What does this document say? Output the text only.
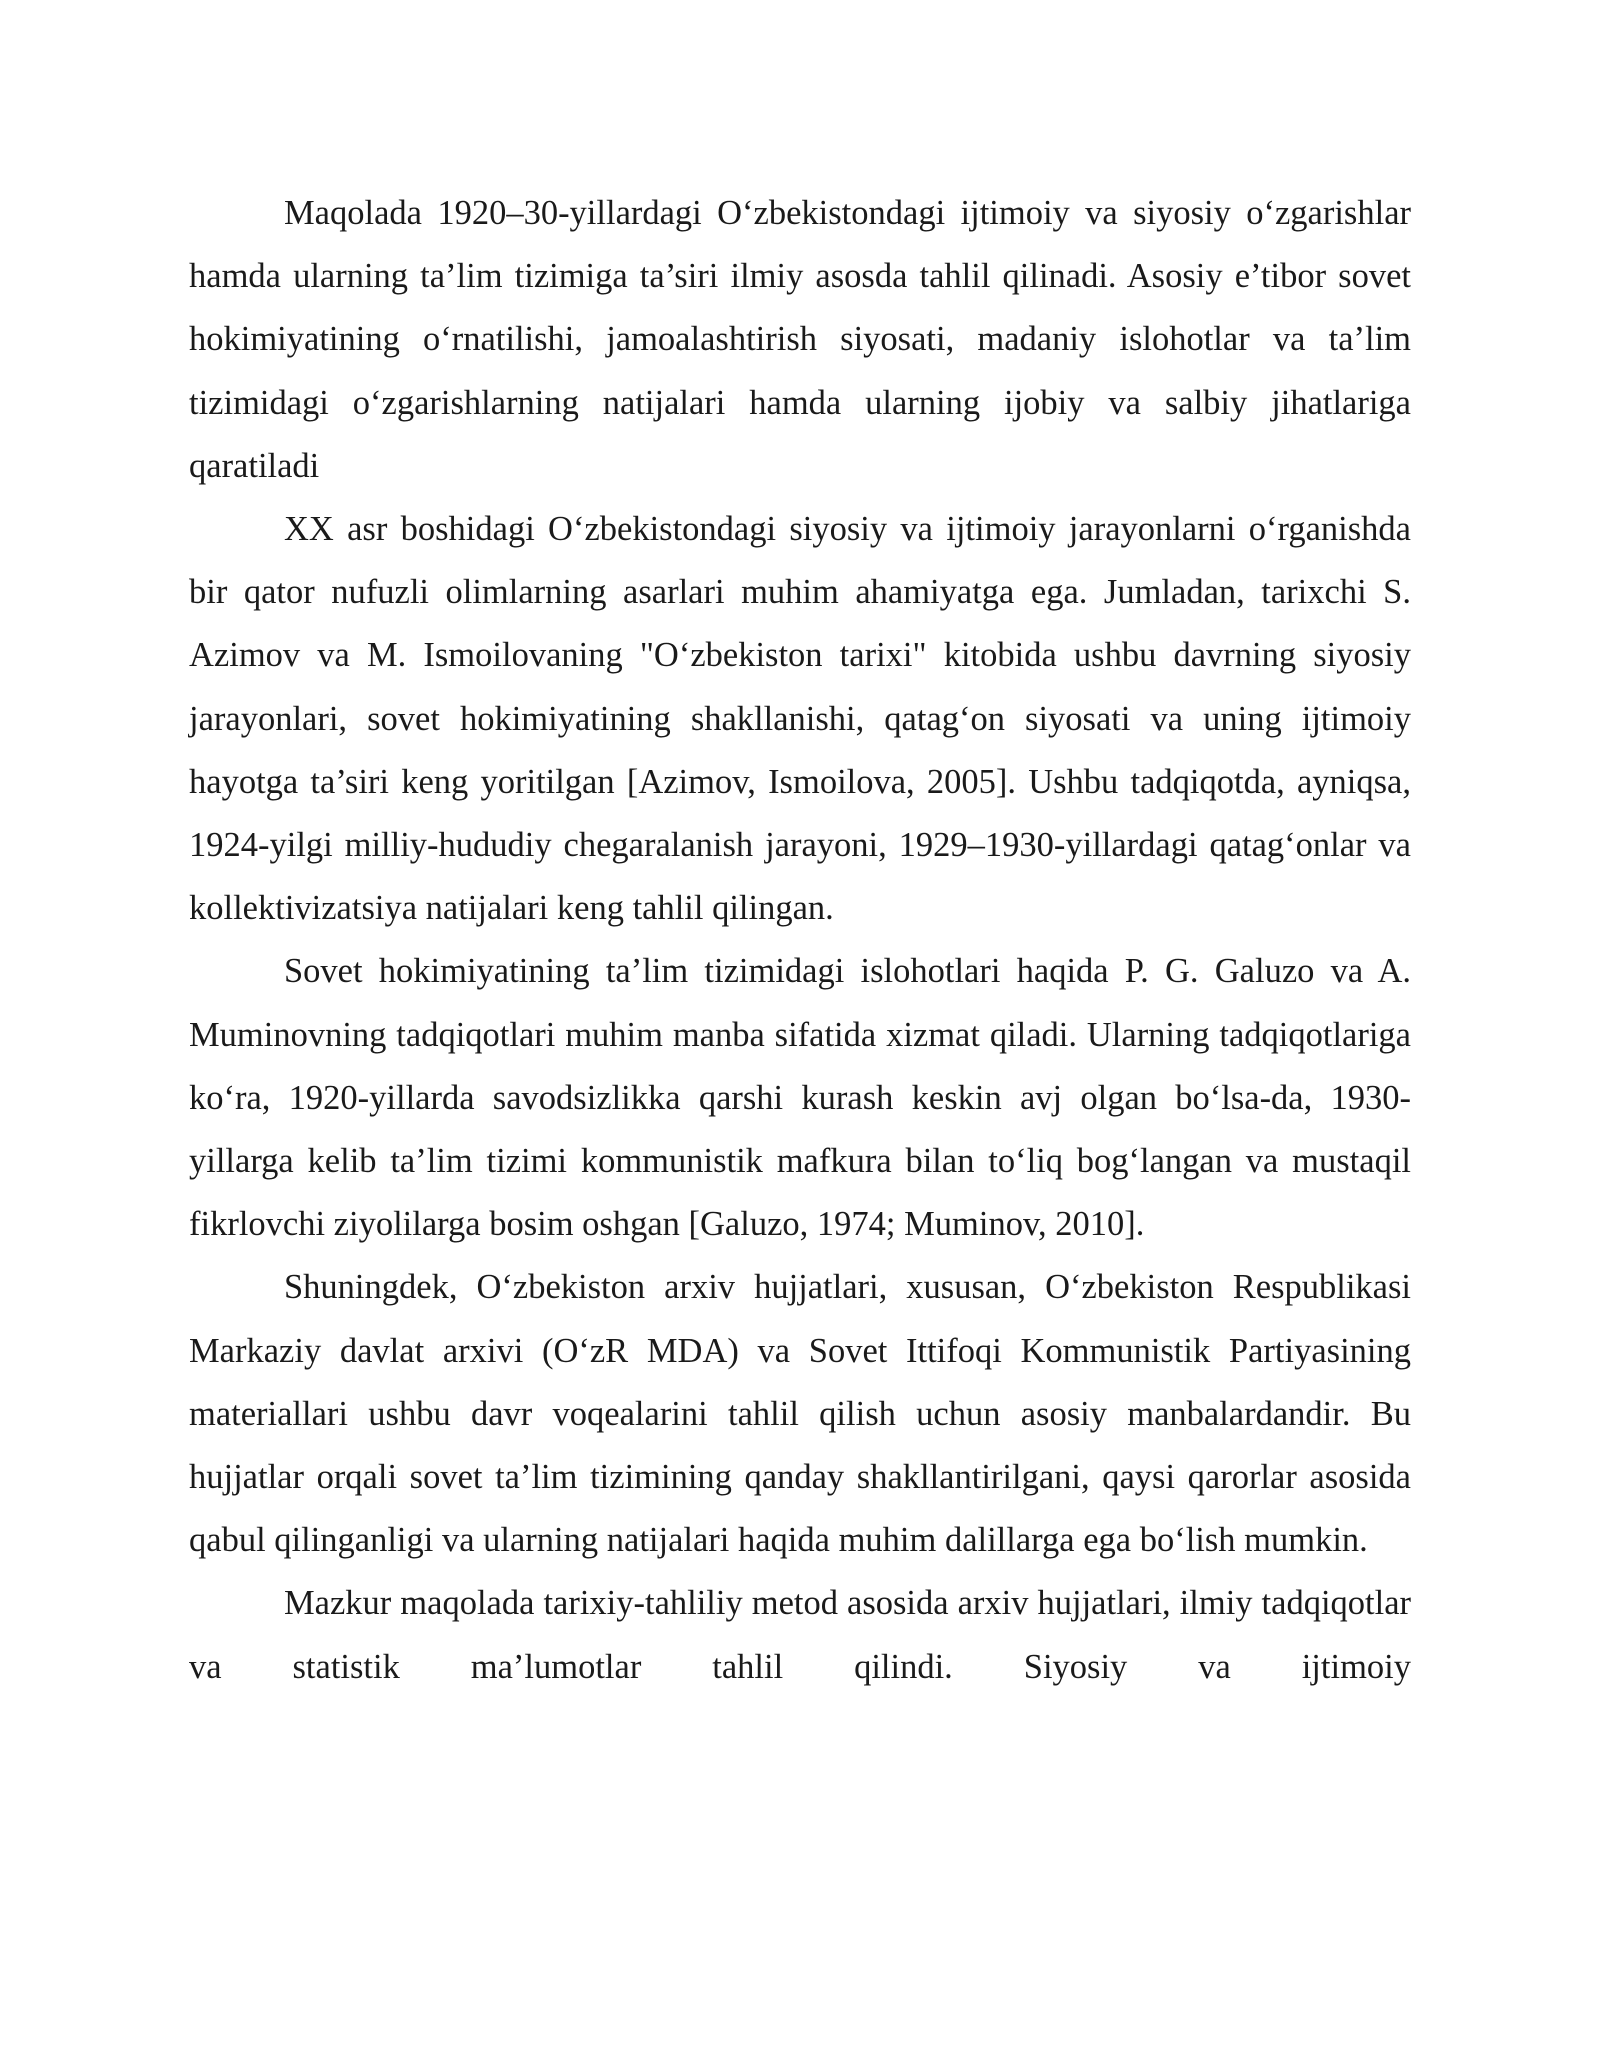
Maqolada 1920–30-yillardagi O‘zbekistondagi ijtimoiy va siyosiy o‘zgarishlar hamda ularning ta’lim tizimiga ta’siri ilmiy asosda tahlil qilinadi. Asosiy e’tibor sovet hokimiyatining o‘rnatilishi, jamoalashtirish siyosati, madaniy islohotlar va ta’lim tizimidagi o‘zgarishlarning natijalari hamda ularning ijobiy va salbiy jihatlariga qaratiladi

XX asr boshidagi O‘zbekistondagi siyosiy va ijtimoiy jarayonlarni o‘rganishda bir qator nufuzli olimlarning asarlari muhim ahamiyatga ega. Jumladan, tarixchi S. Azimov va M. Ismoilovaning "O‘zbekiston tarixi" kitobida ushbu davrning siyosiy jarayonlari, sovet hokimiyatining shakllanishi, qatag‘on siyosati va uning ijtimoiy hayotga ta’siri keng yoritilgan [Azimov, Ismoilova, 2005]. Ushbu tadqiqotda, ayniqsa, 1924-yilgi milliy-hududiy chegaralanish jarayoni, 1929–1930-yillardagi qatag‘onlar va kollektivizatsiya natijalari keng tahlil qilingan.

Sovet hokimiyatining ta’lim tizimidagi islohotlari haqida P. G. Galuzo va A. Muminovning tadqiqotlari muhim manba sifatida xizmat qiladi. Ularning tadqiqotlariga ko‘ra, 1920-yillarda savodsizlikka qarshi kurash keskin avj olgan bo‘lsa-da, 1930-yillarga kelib ta’lim tizimi kommunistik mafkura bilan to‘liq bog‘langan va mustaqil fikrlovchi ziyolilarga bosim oshgan [Galuzo, 1974; Muminov, 2010].

Shuningdek, O‘zbekiston arxiv hujjatlari, xususan, O‘zbekiston Respublikasi Markaziy davlat arxivi (O‘zR MDA) va Sovet Ittifoqi Kommunistik Partiyasining materiallari ushbu davr voqealarini tahlil qilish uchun asosiy manbalardandir. Bu hujjatlar orqali sovet ta’lim tizimining qanday shakllantirilgani, qaysi qarorlar asosida qabul qilinganligi va ularning natijalari haqida muhim dalillarga ega bo‘lish mumkin.

Mazkur maqolada tarixiy-tahliliy metod asosida arxiv hujjatlari, ilmiy tadqiqotlar va statistik ma’lumotlar tahlil qilindi. Siyosiy va ijtimoiy
